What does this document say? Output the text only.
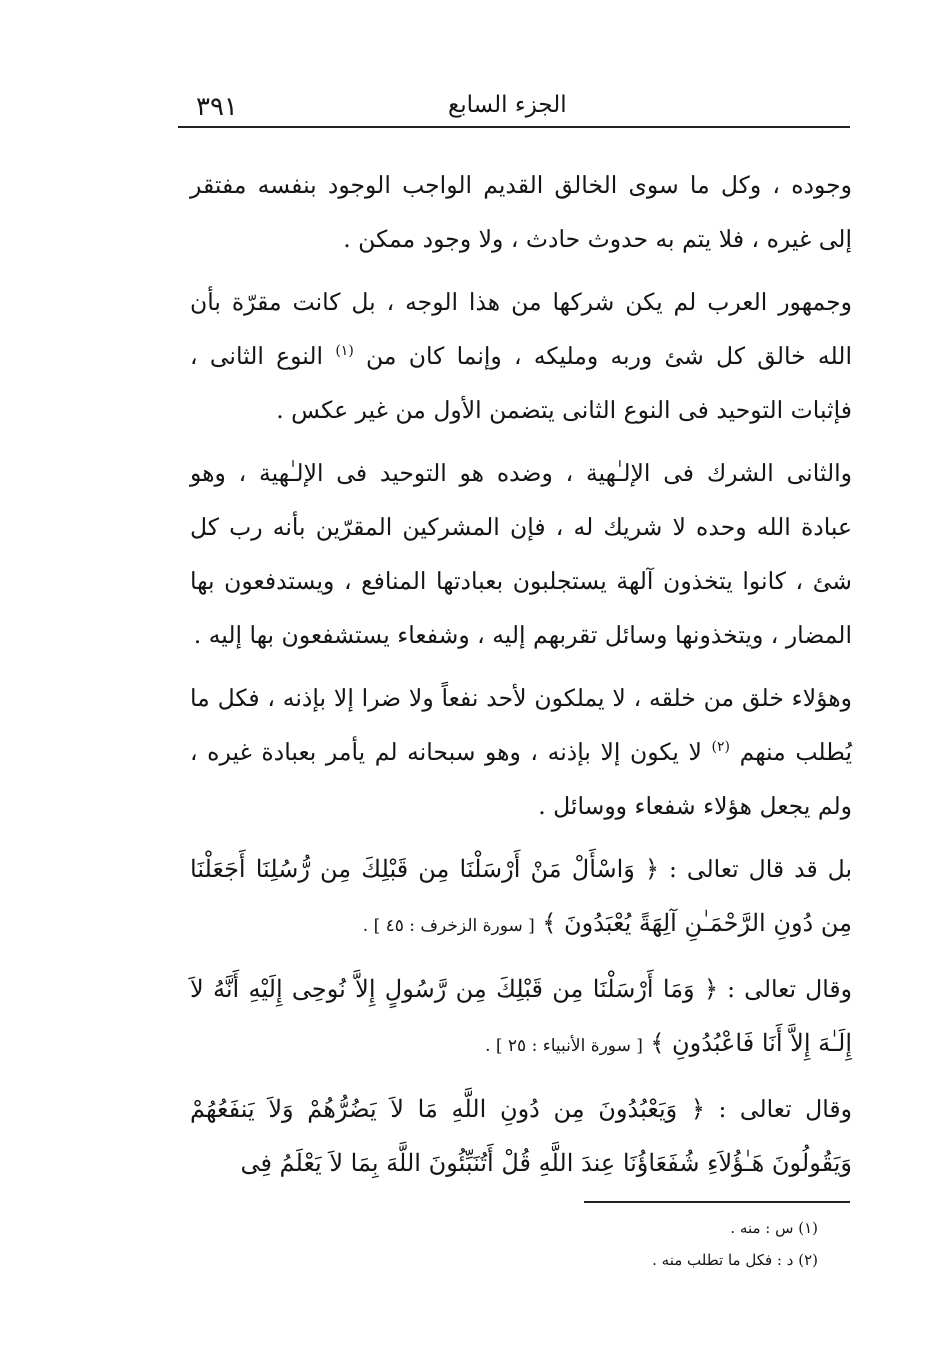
٣٩١	الجزء السابع

وجوده ، وكل ما سوى الخالق القديم الواجب الوجود بنفسه مفتقر إلى غيره ، فلا يتم به حدوث حادث ، ولا وجود ممكن .

وجمهور العرب لم يكن شركها من هذا الوجه ، بل كانت مقرّة بأن الله خالق كل شئ وربه ومليكه ، وإنما كان من $^{(١)}$ النوع الثانى ، فإثبات التوحيد فى النوع الثانى يتضمن الأول من غير عكس .

والثانى الشرك فى الإلـٰهية ، وضده هو التوحيد فى الإلـٰهية ، وهو عبادة الله وحده لا شريك له ، فإن المشركين المقرّين بأنه رب كل شئ ، كانوا يتخذون آلهة يستجلبون بعبادتها المنافع ، ويستدفعون بها المضار ، ويتخذونها وسائل تقربهم إليه ، وشفعاء يستشفعون بها إليه .

وهؤلاء خلق من خلقه ، لا يملكون لأحد نفعاً ولا ضرا إلا بإذنه ، فكل ما يُطلب منهم $^{(٢)}$ لا يكون إلا بإذنه ، وهو سبحانه لم يأمر بعبادة غيره ، ولم يجعل هؤلاء شفعاء ووسائل .

بل قد قال تعالى : ﴿ وَاسْأَلْ مَنْ أَرْسَلْنَا مِن قَبْلِكَ مِن رُّسُلِنَا أَجَعَلْنَا مِن دُونِ الرَّحْمَـٰنِ آلِهَةً يُعْبَدُونَ ﴾ [ سورة الزخرف : ٤٥ ] .

وقال تعالى : ﴿ وَمَا أَرْسَلْنَا مِن قَبْلِكَ مِن رَّسُولٍ إِلاَّ نُوحِى إِلَيْهِ أَنَّهُ لاَ إِلَـٰهَ إِلاَّ أَنَا فَاعْبُدُونِ ﴾ [ سورة الأنبياء : ٢٥ ] .

وقال تعالى : ﴿ وَيَعْبُدُونَ مِن دُونِ اللَّهِ مَا لاَ يَضُرُّهُمْ وَلاَ يَنفَعُهُمْ وَيَقُولُونَ هَـٰؤُلاَءِ شُفَعَاؤُنَا عِندَ اللَّهِ قُلْ أَتُنَبِّئُونَ اللَّهَ بِمَا لاَ يَعْلَمُ فِى

(١) س : منه .
(٢) د : فكل ما تطلب منه .
